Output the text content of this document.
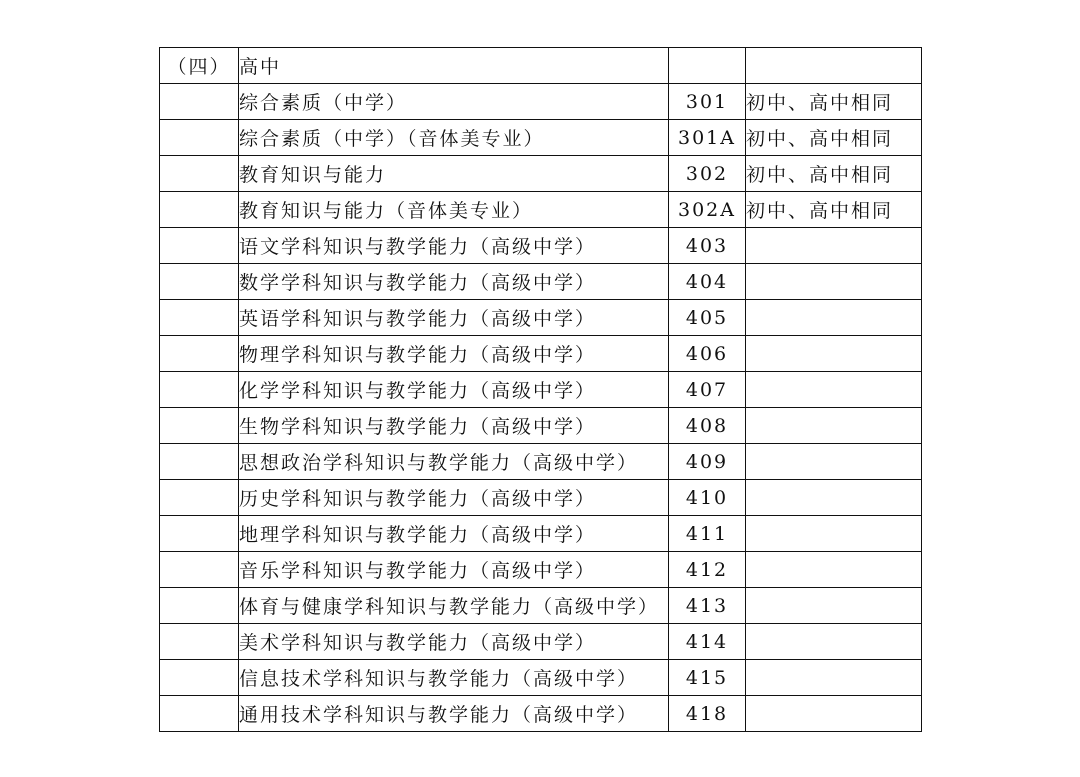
（四）	高中		
	综合素质（中学）	301	初中、高中相同
	综合素质（中学）（音体美专业）	301A	初中、高中相同
	教育知识与能力	302	初中、高中相同
	教育知识与能力（音体美专业）	302A	初中、高中相同
	语文学科知识与教学能力（高级中学）	403	
	数学学科知识与教学能力（高级中学）	404	
	英语学科知识与教学能力（高级中学）	405	
	物理学科知识与教学能力（高级中学）	406	
	化学学科知识与教学能力（高级中学）	407	
	生物学科知识与教学能力（高级中学）	408	
	思想政治学科知识与教学能力（高级中学）	409	
	历史学科知识与教学能力（高级中学）	410	
	地理学科知识与教学能力（高级中学）	411	
	音乐学科知识与教学能力（高级中学）	412	
	体育与健康学科知识与教学能力（高级中学）	413	
	美术学科知识与教学能力（高级中学）	414	
	信息技术学科知识与教学能力（高级中学）	415	
	通用技术学科知识与教学能力（高级中学）	418	
